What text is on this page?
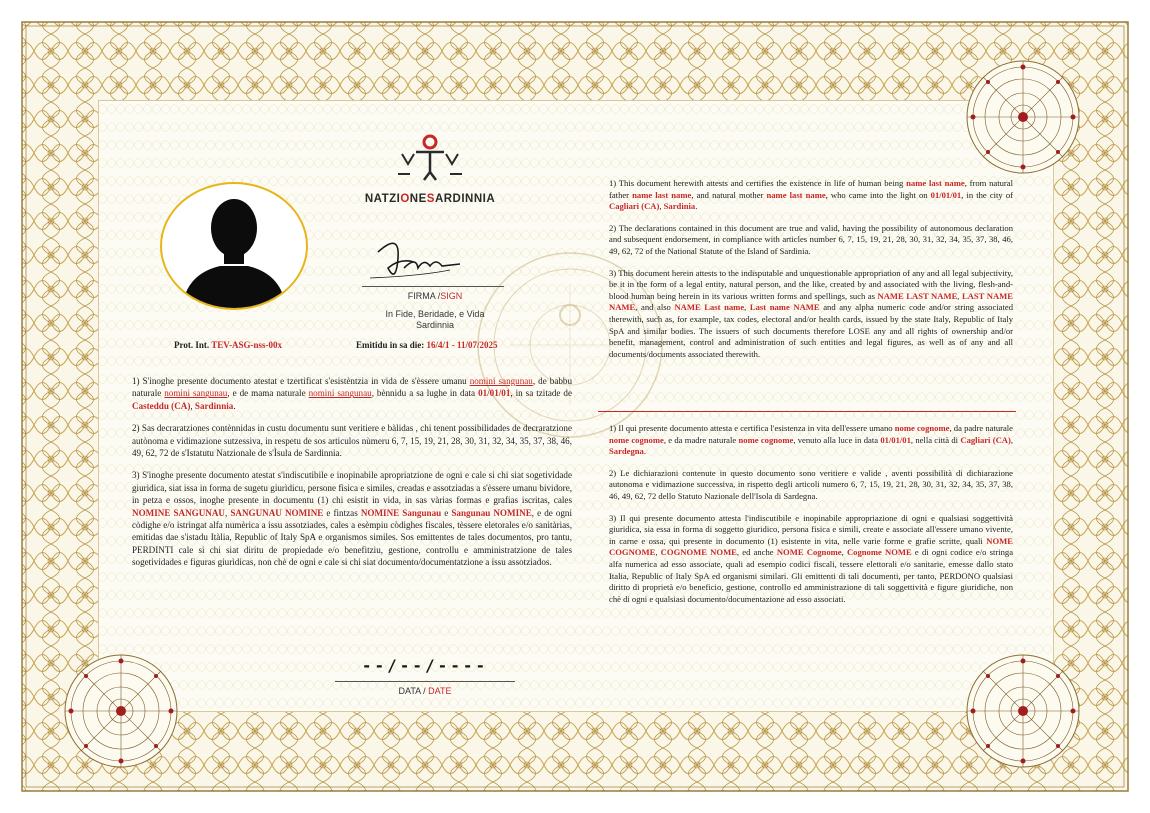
NATZIONESARDINNIA
FIRMA /SIGN
In Fide, Beridade, e Vida
Sardinnia
Prot. Int. TEV-ASG-nss-00x	Emitidu in sa die: 16/4/1 - 11/07/2025

1) S'inoghe presente documento atestat e tzertificat s'esistèntzia in vida de s'èssere umanu nomini sangunau, de babbu naturale nomini sangunau, e de mama naturale nomini sangunau, bènnidu a sa lughe in data 01/01/01, in sa tzitade de Casteddu (CA), Sardinnia.

2) Sas decraratziones contènnidas in custu documentu sunt veritiere e bàlidas , chi tenent possibilidades de decraratzione autònoma e vidimazione sutzessiva, in respetu de sos articulos nùmeru 6, 7, 15, 19, 21, 28, 30, 31, 32, 34, 35, 37, 38, 46, 49, 62, 72 de s'Istatutu Natzionale de s'Ìsula de Sardinnia.

3) S'inoghe presente documento atestat s'indiscutibile e inopinabile apropriatzione de ogni e cale si chi siat sogetividade giurìdica, siat issa in forma de sugetu giurìdicu, persone fìsica e similes, creadas e assotziadas a s'èssere umanu bividore, in petza e ossos, inoghe presente in documentu (1) chi esistit in vida, in sas vàrias formas e grafias iscritas, cales NOMINE SANGUNAU, SANGUNAU NOMINE e fintzas NOMINE Sangunau e Sangunau NOMINE, e de ogni còdighe e/o istringat alfa numèrica a issu assotziades, cales a esèmpiu còdighes fiscales, tèssere eletorales e/o sanitàrias, emitidas dae s'istadu Itàlia, Republic of Italy SpA e organismos similes. Sos emittentes de tales documentos, pro tantu, PERDINTI cale si chi siat diritu de propiedade e/o benefitziu, gestione, controllu e amministratzione de tales sogetividades e figuras giurìdicas, non chè de ogni e cale si chi siat documento/documentatzione a issu assotziados.

1) This document herewith attests and certifies the existence in life of human being name last name, from natural father name last name, and natural mother name last name, who came into the light on 01/01/01, in the city of Cagliari (CA), Sardinia.

2) The declarations contained in this document are true and valid, having the possibility of autonomous declaration and subsequent endorsement, in compliance with articles number 6, 7, 15, 19, 21, 28, 30, 31, 32, 34, 35, 37, 38, 46, 49, 62, 72 of the National Statute of the Island of Sardinia.

3) This document herein attests to the indisputable and unquestionable appropriation of any and all legal subjectivity, be it in the form of a legal entity, natural person, and the like, created by and associated with the living, flesh-and-blood human being herein in its various written forms and spellings, such as NAME LAST NAME, LAST NAME NAME, and also NAME Last name, Last name NAME and any alpha numeric code and/or string associated therewith, such as, for example, tax codes, electoral and/or health cards, issued by the state Italy, Republic of Italy SpA and similar bodies. The issuers of such documents therefore LOSE any and all rights of ownership and/or benefit, management, control and administration of such entities and legal figures, as well as of any and all documents/documents associated therewith.

1) Il qui presente documento attesta e certifica l'esistenza in vita dell'essere umano nome cognome, da padre naturale nome cognome, e da madre naturale nome cognome, venuto alla luce in data 01/01/01, nella città di Cagliari (CA), Sardegna.

2) Le dichiarazioni contenute in questo documento sono veritiere e valide , aventi possibilità di dichiarazione autonoma e vidimazione successiva, in rispetto degli articoli numero 6, 7, 15, 19, 21, 28, 30, 31, 32, 34, 35, 37, 38, 46, 49, 62, 72 dello Statuto Nazionale dell'Isola di Sardegna.

3) Il qui presente documento attesta l'indiscutibile e inopinabile appropriazione di ogni e qualsiasi soggettività giuridica, sia essa in forma di soggetto giuridico, persona fisica e simili, create e associate all'essere umano vivente, in carne e ossa, qui presente in documento (1) esistente in vita, nelle varie forme e grafie scritte, quali NOME COGNOME, COGNOME NOME, ed anche NOME Cognome, Cognome NOME e di ogni codice e/o stringa alfa numerica ad esso associate, quali ad esempio codici fiscali, tessere elettorali e/o sanitarie, emesse dallo stato Italia, Republic of Italy SpA ed organismi similari. Gli emittenti di tali documenti, per tanto, PERDONO qualsiasi diritto di proprietà e/o beneficio, gestione, controllo ed amministrazione di tali soggettività e figure giuridiche, non chè di ogni e qualsiasi documento/documentazione ad esso associati.

--/--/----
DATA / DATE
